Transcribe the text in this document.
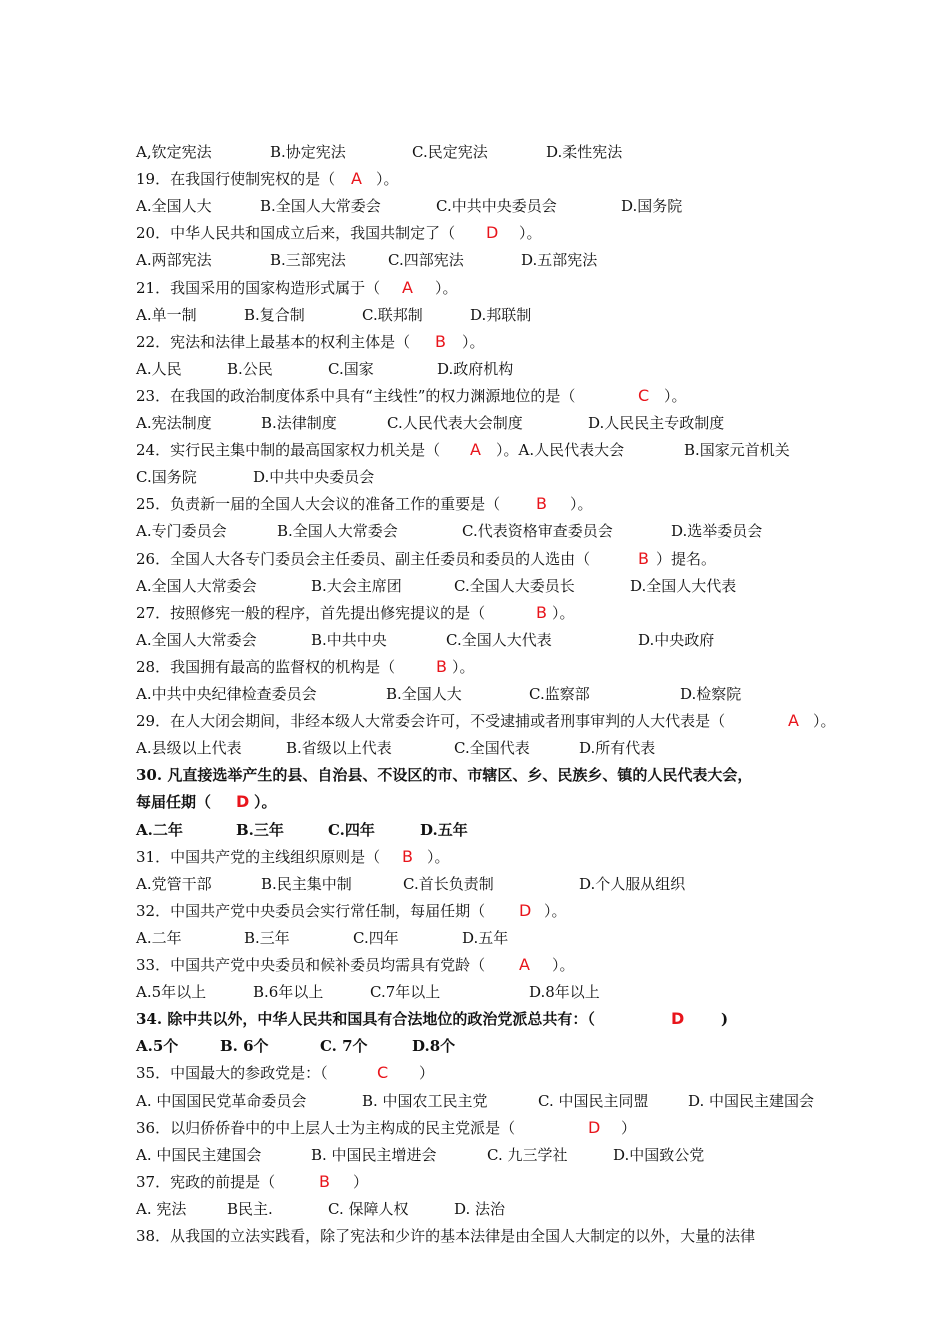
A,钦定宪法	B.协定宪法	C.民定宪法	D.柔性宪法
19．在我国行使制宪权的是（ A ）。
A.全国人大	B.全国人大常委会	C.中共中央委员会	D.国务院
20．中华人民共和国成立后来，我国共制定了（ D ）。
A.两部宪法	B.三部宪法	C.四部宪法	D.五部宪法
21．我国采用的国家构造形式属于（ A ）。
A.单一制	B.复合制	C.联邦制	D.邦联制
22．宪法和法律上最基本的权利主体是（ B ）。
A.人民	B.公民	C.国家	D.政府机构
23．在我国的政治制度体系中具有“主线性”的权力渊源地位的是（	C ）。
A.宪法制度	B.法律制度	C.人民代表大会制度	D.人民民主专政制度
24．实行民主集中制的最高国家权力机关是（ A ）。A.人民代表大会	B.国家元首机关
C.国务院	D.中共中央委员会
25．负责新一届的全国人大会议的准备工作的重要是（ B ）。
A.专门委员会	B.全国人大常委会	C.代表资格审查委员会	D.选举委员会
26．全国人大各专门委员会主任委员、副主任委员和委员的人选由（	B ）提名。
A.全国人大常委会	B.大会主席团	C.全国人大委员长	D.全国人大代表
27．按照修宪一般的程序，首先提出修宪提议的是（	B ）。
A.全国人大常委会	B.中共中央	C.全国人大代表	D.中央政府
28．我国拥有最高的监督权的机构是（	B ）。
A.中共中央纪律检查委员会	B.全国人大	C.监察部	D.检察院
29．在人大闭会期间，非经本级人大常委会许可，不受逮捕或者刑事审判的人大代表是（	A ）。
A.县级以上代表	B.省级以上代表	C.全国代表	D.所有代表
30. 凡直接选举产生的县、自治县、不设区的市、市辖区、乡、民族乡、镇的人民代表大会，
每届任期（ D ）。
A.二年	B.三年	C.四年	D.五年
31．中国共产党的主线组织原则是（ B ）。
A.党管干部	B.民主集中制	C.首长负责制	D.个人服从组织
32．中国共产党中央委员会实行常任制，每届任期（ D ）。
A.二年	B.三年	C.四年	D.五年
33．中国共产党中央委员和候补委员均需具有党龄（ A ）。
A.5年以上	B.6年以上	C.7年以上	D.8年以上
34. 除中共以外，中华人民共和国具有合法地位的政治党派总共有：（	D )
A.5个	B. 6个	C. 7个	D.8个
35．中国最大的参政党是：（	C ）
A. 中国国民党革命委员会	B. 中国农工民主党	C. 中国民主同盟	D. 中国民主建国会
36．以归侨侨眷中的中上层人士为主构成的民主党派是（	D ）
A. 中国民主建国会	B. 中国民主增进会	C. 九三学社	D.中国致公党
37．宪政的前提是（	B ）
A. 宪法	B民主.	C. 保障人权	D. 法治
38．从我国的立法实践看，除了宪法和少许的基本法律是由全国人大制定的以外，大量的法律
